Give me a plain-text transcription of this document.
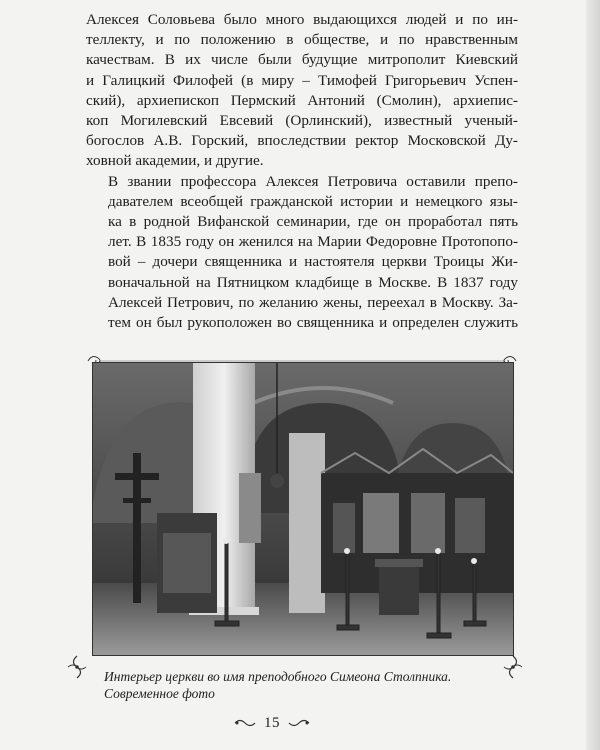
Алексея Соловьева было много выдающихся людей и по ин-
теллекту, и по положению в обществе, и по нравственным
качествам. В их числе были будущие митрополит Киевский
и Галицкий Филофей (в миру – Тимофей Григорьевич Успен-
ский), архиепископ Пермский Антоний (Смолин), архиепис-
коп Могилевский Евсевий (Орлинский), известный ученый-
богослов А.В. Горский, впоследствии ректор Московской Ду-
ховной академии, и другие.

В звании профессора Алексея Петровича оставили препо-
давателем всеобщей гражданской истории и немецкого язы-
ка в родной Вифанской семинарии, где он проработал пять
лет. В 1835 году он женился на Марии Федоровне Протопопо-
вой – дочери священника и настоятеля церкви Троицы Жи-
воначальной на Пятницком кладбище в Москве. В 1837 году
Алексей Петрович, по желанию жены, переехал в Москву. За-
тем он был рукоположен во священника и определен служить

Интерьер церкви во имя преподобного Симеона Столпника.
Современное фото

15
